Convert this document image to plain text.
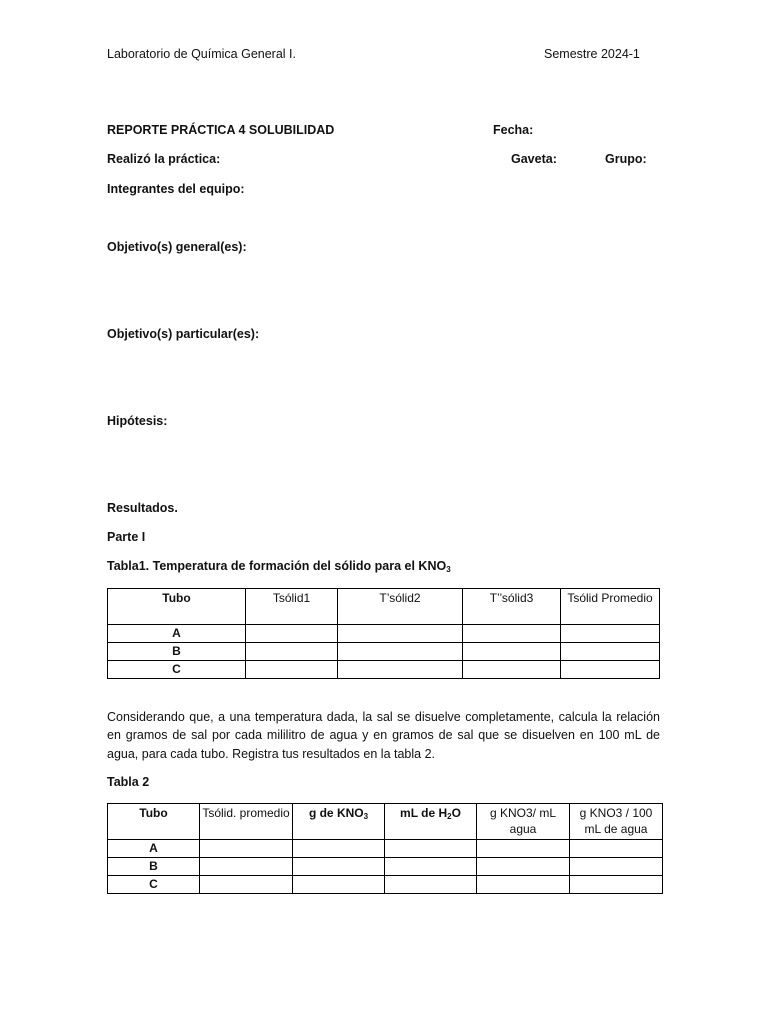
Laboratorio de Química General I.	Semestre 2024-1
REPORTE PRÁCTICA 4 SOLUBILIDAD	Fecha:
Realizó la práctica:	Gaveta:	Grupo:
Integrantes del equipo:
Objetivo(s) general(es):
Objetivo(s) particular(es):
Hipótesis:
Resultados.
Parte I
Tabla1. Temperatura de formación del sólido para el $KNO_3$
Tubo	Tsólid1	T’sólid2	T’’sólid3	Tsólid Promedio
A				
B				
C				
Considerando que, a una temperatura dada, la sal se disuelve completamente, calcula la relación en gramos de sal por cada mililitro de agua y en gramos de sal que se disuelven en 100 mL de agua, para cada tubo. Registra tus resultados en la tabla 2.
Tabla 2
Tubo	Tsólid. promedio	g de $KNO_3$	mL de $H_2O$	g KNO3/ mL agua	g KNO3 / 100 mL de agua
A					
B					
C					
